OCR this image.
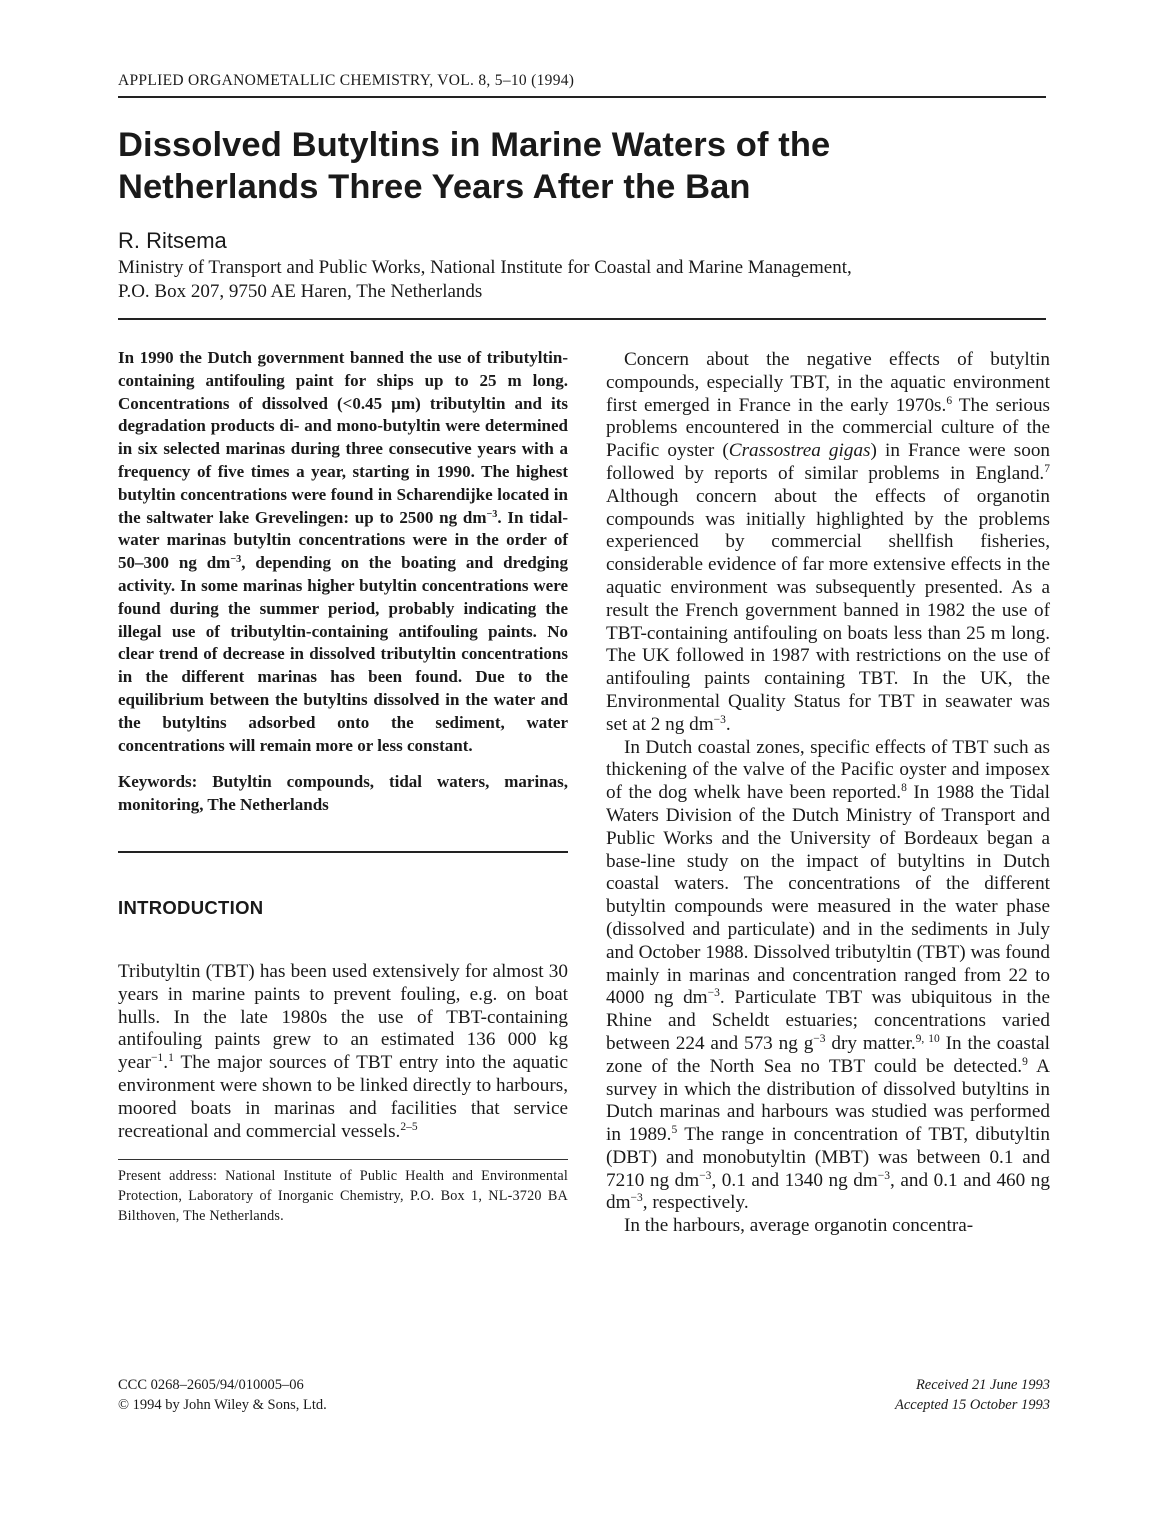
APPLIED ORGANOMETALLIC CHEMISTRY, VOL. 8, 5–10 (1994)
Dissolved Butyltins in Marine Waters of the
Netherlands Three Years After the Ban
R. Ritsema
Ministry of Transport and Public Works, National Institute for Coastal and Marine Management,
P.O. Box 207, 9750 AE Haren, The Netherlands

In 1990 the Dutch government banned the use of tributyltin-containing antifouling paint for ships up to 25 m long. Concentrations of dissolved (<0.45 µm) tributyltin and its degradation products di- and mono-butyltin were determined in six selected marinas during three consecutive years with a frequency of five times a year, starting in 1990. The highest butyltin concentrations were found in Scharendijke located in the saltwater lake Grevelingen: up to 2500 ng $dm^{-3}$. In tidal-water marinas butyltin concentrations were in the order of 50–300 ng $dm^{-3}$, depending on the boating and dredging activity. In some marinas higher butyltin concentrations were found during the summer period, probably indicating the illegal use of tributyltin-containing antifouling paints. No clear trend of decrease in dissolved tributyltin concentrations in the different marinas has been found. Due to the equilibrium between the butyltins dissolved in the water and the butyltins adsorbed onto the sediment, water concentrations will remain more or less constant.

Keywords: Butyltin compounds, tidal waters, marinas, monitoring, The Netherlands

INTRODUCTION

Tributyltin (TBT) has been used extensively for almost 30 years in marine paints to prevent fouling, e.g. on boat hulls. In the late 1980s the use of TBT-containing antifouling paints grew to an estimated 136 000 kg year$^{-1}$.$^1$ The major sources of TBT entry into the aquatic environment were shown to be linked directly to harbours, moored boats in marinas and facilities that service recreational and commercial vessels.$^{2-5}$

Present address: National Institute of Public Health and Environmental Protection, Laboratory of Inorganic Chemistry, P.O. Box 1, NL-3720 BA Bilthoven, The Netherlands.

CCC 0268–2605/94/010005–06
© 1994 by John Wiley & Sons, Ltd.
Received 21 June 1993
Accepted 15 October 1993

Concern about the negative effects of butyltin compounds, especially TBT, in the aquatic environment first emerged in France in the early 1970s.$^6$ The serious problems encountered in the commercial culture of the Pacific oyster (Crassostrea gigas) in France were soon followed by reports of similar problems in England.$^7$ Although concern about the effects of organotin compounds was initially highlighted by the problems experienced by commercial shellfish fisheries, considerable evidence of far more extensive effects in the aquatic environment was subsequently presented. As a result the French government banned in 1982 the use of TBT-containing antifouling on boats less than 25 m long. The UK followed in 1987 with restrictions on the use of antifouling paints containing TBT. In the UK, the Environmental Quality Status for TBT in seawater was set at 2 ng $dm^{-3}$.

In Dutch coastal zones, specific effects of TBT such as thickening of the valve of the Pacific oyster and imposex of the dog whelk have been reported.$^8$ In 1988 the Tidal Waters Division of the Dutch Ministry of Transport and Public Works and the University of Bordeaux began a base-line study on the impact of butyltins in Dutch coastal waters. The concentrations of the different butyltin compounds were measured in the water phase (dissolved and particulate) and in the sediments in July and October 1988. Dissolved tributyltin (TBT) was found mainly in marinas and concentration ranged from 22 to 4000 ng $dm^{-3}$. Particulate TBT was ubiquitous in the Rhine and Scheldt estuaries; concentrations varied between 224 and 573 ng $g^{-3}$ dry matter.$^{9, 10}$ In the coastal zone of the North Sea no TBT could be detected.$^9$ A survey in which the distribution of dissolved butyltins in Dutch marinas and harbours was studied was performed in 1989.$^5$ The range in concentration of TBT, dibutyltin (DBT) and monobutyltin (MBT) was between 0.1 and 7210 ng $dm^{-3}$, 0.1 and 1340 ng $dm^{-3}$, and 0.1 and 460 ng $dm^{-3}$, respectively.

In the harbours, average organotin concentra-
